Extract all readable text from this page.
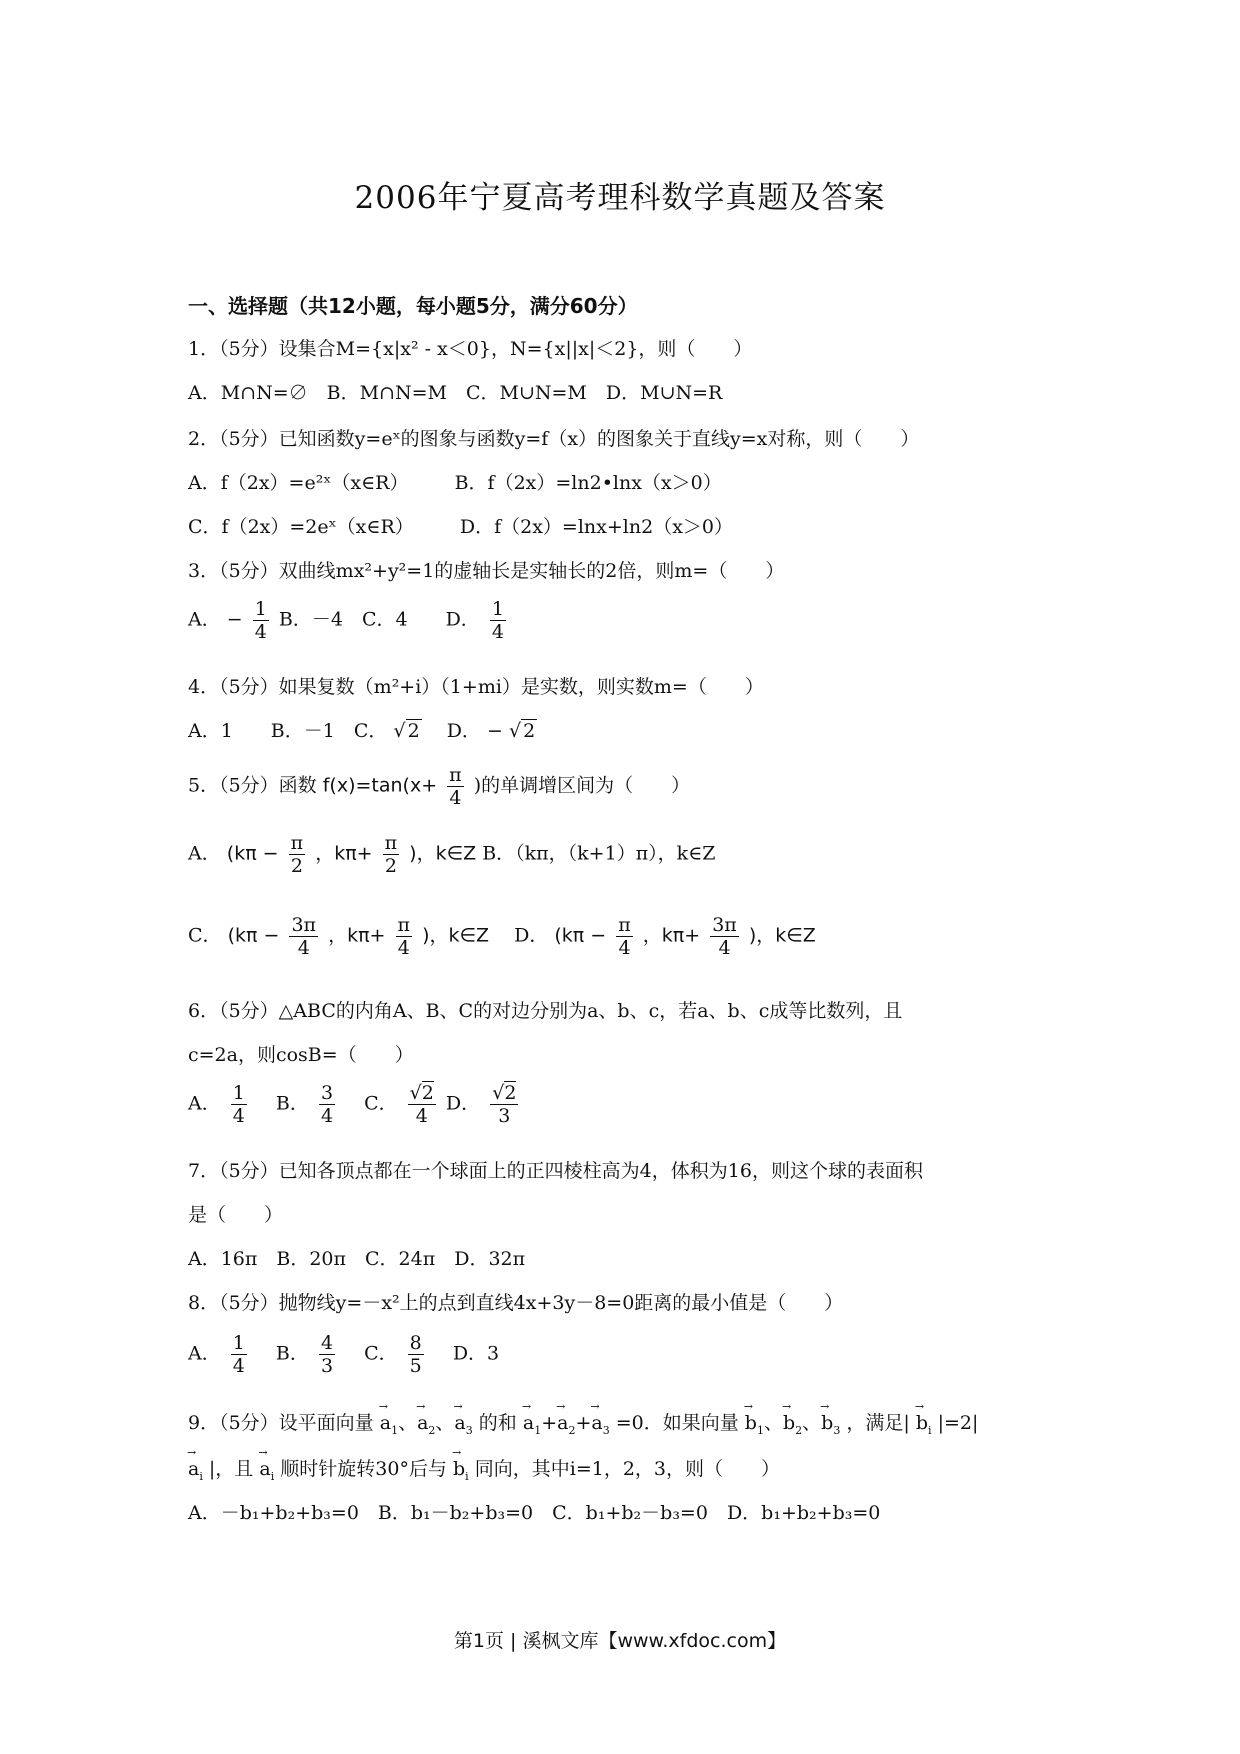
2006年宁夏高考理科数学真题及答案
一、选择题（共12小题，每小题5分，满分60分）
1．（5分）设集合M={x|x² - x＜0}，N={x||x|＜2}，则（　　）
A．M∩N=∅　B．M∩N=M　C．M∪N=M　D．M∪N=R
2．（5分）已知函数y=eˣ的图象与函数y=f（x）的图象关于直线y=x对称，则（　　）
A．f（2x）=e²ˣ（x∈R） B．f（2x）=ln2•lnx（x＞0）
C．f（2x）=2eˣ（x∈R） D．f（2x）=lnx+ln2（x＞0）
3．（5分）双曲线mx²+y²=1的虚轴长是实轴长的2倍，则m=（　　）
A． − $\frac{1}{4}$ B．－4　C．4　　D． $\frac{1}{4}$
4．（5分）如果复数（m²+i）（1+mi）是实数，则实数m=（　　）
A．1　　B．－1　C． √ 2 　D． − √ 2
5．（5分）函数 $f(x)=\tan(x+ \frac{\pi}{4}$ )的单调增区间为（　　）
A． ($k\pi - \frac{\pi}{2}$ ，$k\pi+ \frac{\pi}{2}$ )，k∈Z B．（kπ，（k+1）π），k∈Z
C． ($k\pi - \frac{3\pi}{4}$ ，$k\pi+ \frac{\pi}{4}$ )，k∈Z 　D． ($k\pi - \frac{\pi}{4}$ ，$k\pi+ \frac{3\pi}{4}$ )，k∈Z
6．（5分）△ABC的内角A、B、C的对边分别为a、b、c，若a、b、c成等比数列，且
c=2a，则cosB=（　　）
A． $\frac{1}{4}$ 　B． $\frac{3}{4}$ 　C． $\frac{√2}{4}$ D． $\frac{√2}{3}$
7．（5分）已知各顶点都在一个球面上的正四棱柱高为4，体积为16，则这个球的表面积
是（　　）
A．16π　B．20π　C．24π　D．32π
8．（5分）抛物线y=－x²上的点到直线4x+3y－8=0距离的最小值是（　　）
A． $\frac{1}{4}$ 　B． $\frac{4}{3}$ 　C． $\frac{8}{5}$ 　D．3
9．（5分）设平面向量 → $a_1$、→ $a_2$、→ $a_3$ 的和 → $a_1+\to a_2+\to a_3 =0$．如果向量 → $b_1$、→ $b_2$、→ $b_3$ ，满足| → $b_i$ |=2|
→ $a_i$ |，且 → $a_i$ 顺时针旋转30°后与 → $b_i$ 同向，其中i=1，2，3，则（　　）
A．－b₁+b₂+b₃=0　B．b₁－b₂+b₃=0　C．b₁+b₂－b₃=0　D．b₁+b₂+b₃=0
第1页 | 溪枫文库【www.xfdoc.com】
